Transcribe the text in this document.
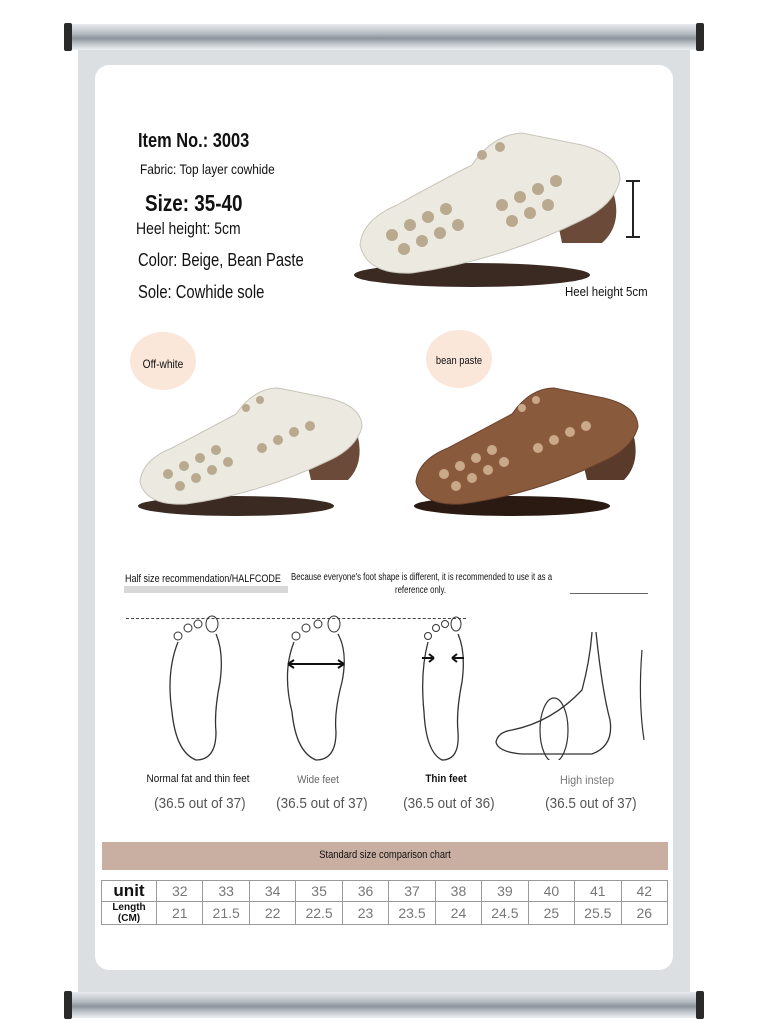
Item No.: 3003
Fabric: Top layer cowhide
Size: 35-40
Heel height: 5cm
Color: Beige, Bean Paste
Sole: Cowhide sole	Heel height 5cm
Off-white	bean paste
Half size recommendation/HALFCODE Because everyone's foot shape is different, it is recommended to use it as a
reference only.
Normal fat and thin feet	Wide feet	Thin feet	High instep
(36.5 out of 37) (36.5 out of 37) (36.5 out of 36)	(36.5 out of 37)
Standard size comparison chart
unit	32	33	34	35	36	37	38	39	40	41	42
Length (CM)	21	21.5	22	22.5	23	23.5	24	24.5	25	25.5	26
